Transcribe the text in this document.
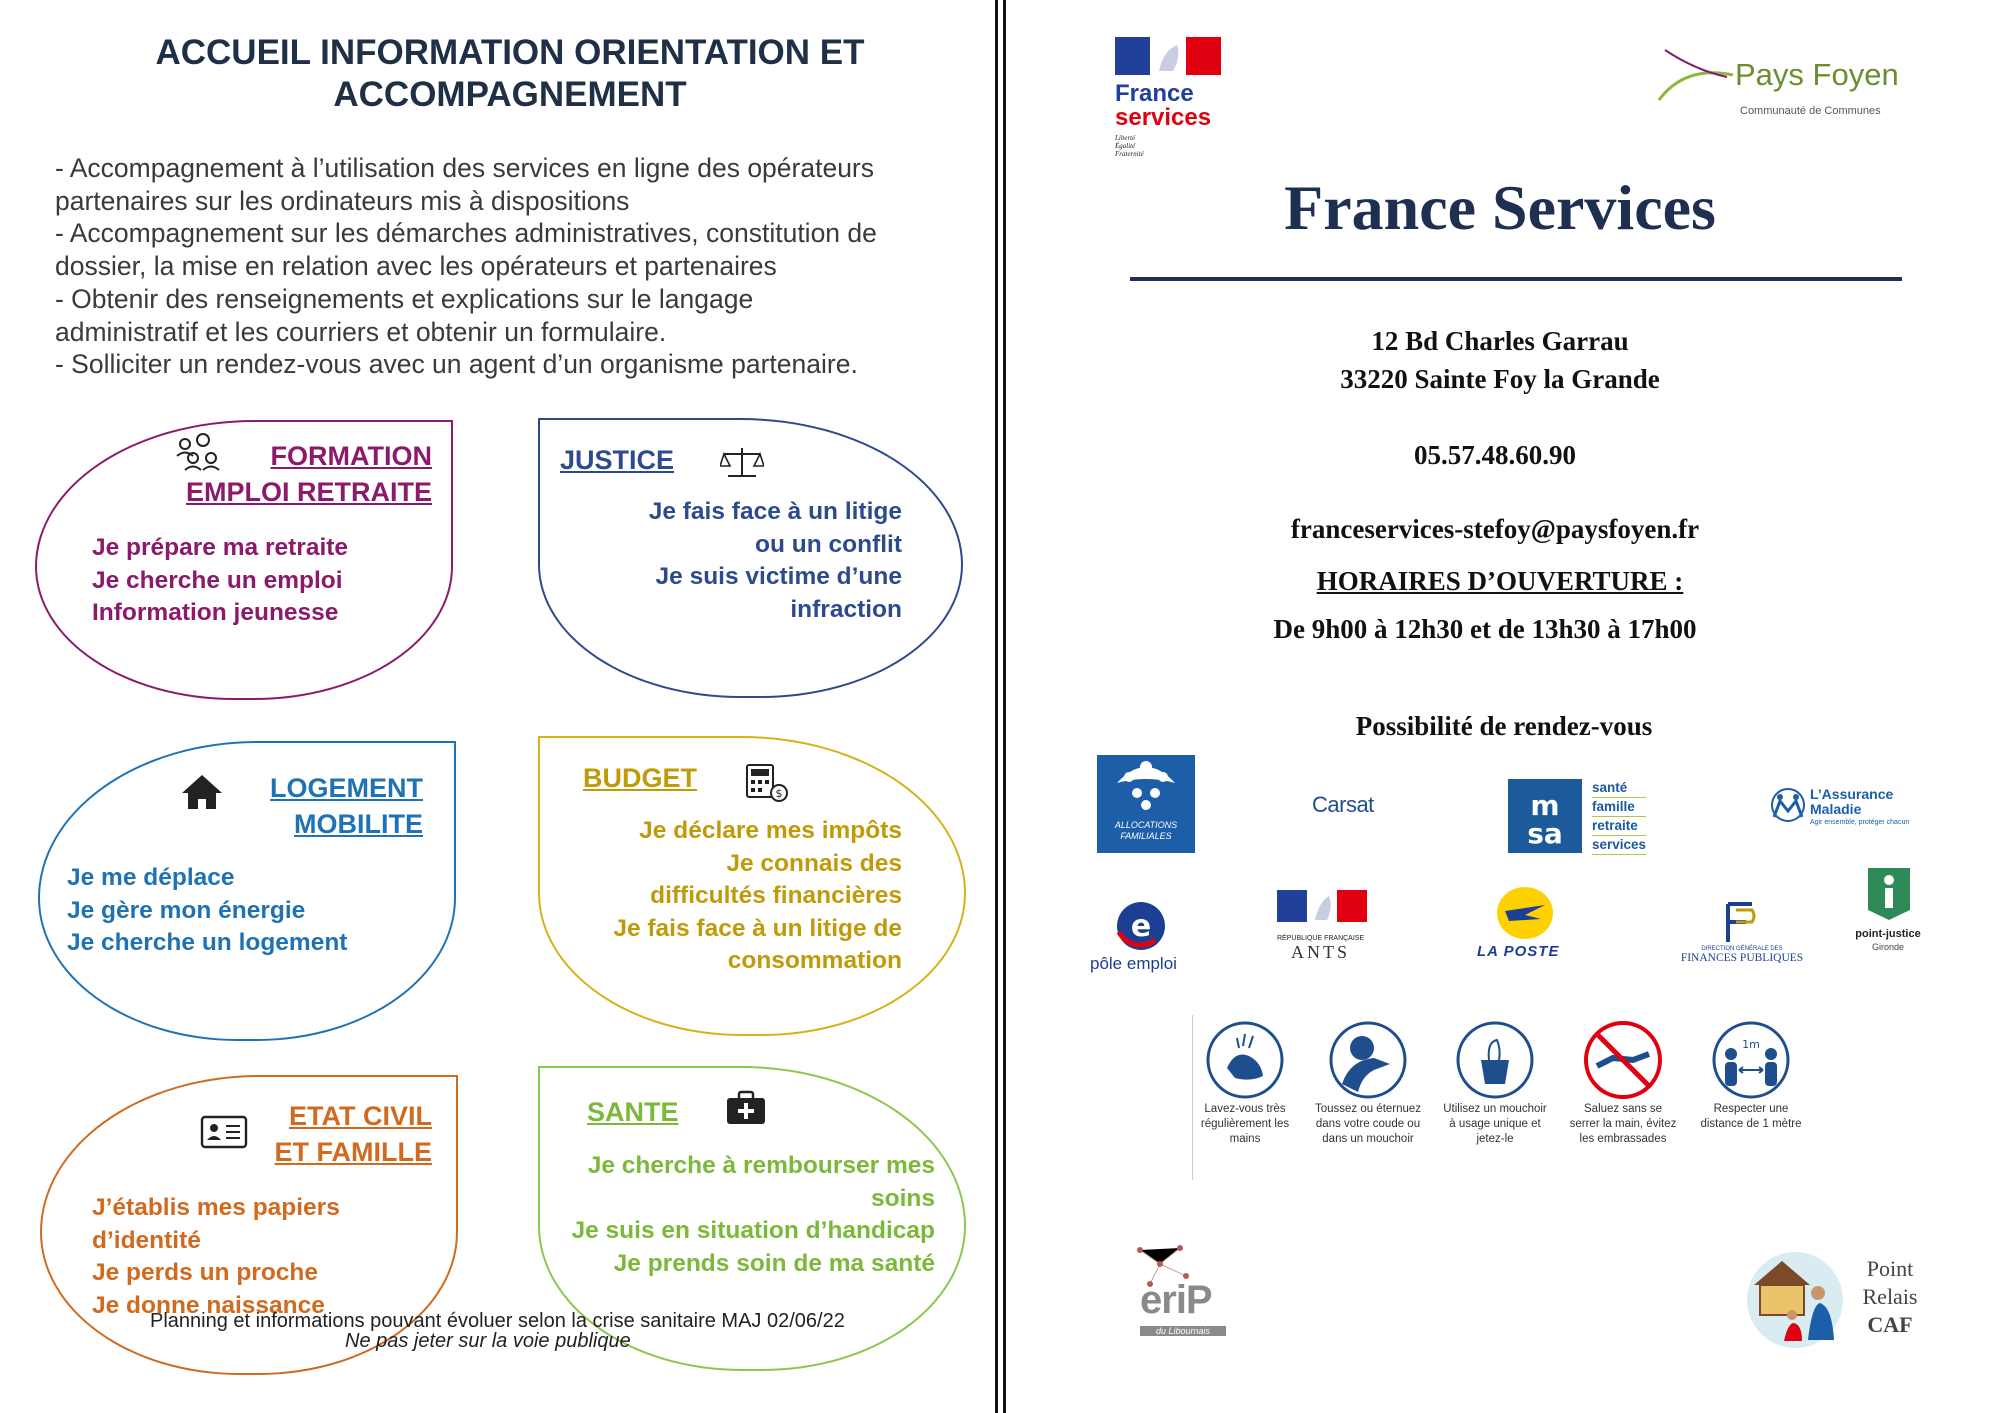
ACCUEIL INFORMATION ORIENTATION ET
ACCOMPAGNEMENT
- Accompagnement à l’utilisation des services en ligne des opérateurs
partenaires sur les ordinateurs mis à dispositions
- Accompagnement sur les démarches administratives, constitution de
dossier, la mise en relation avec les opérateurs et partenaires
- Obtenir des renseignements et explications sur le langage
administratif et les courriers et obtenir un formulaire.
- Solliciter un rendez-vous avec un agent d’un organisme partenaire.
FORMATION
EMPLOI RETRAITE
Je prépare ma retraite
Je cherche un emploi
Information jeunesse
JUSTICE
Je fais face à un litige
ou un conflit
Je suis victime d’une
infraction
LOGEMENT
MOBILITE
Je me déplace
Je gère mon énergie
Je cherche un logement
BUDGET
$
Je déclare mes impôts
Je connais des
difficultés financières
Je fais face à un litige de
consommation
ETAT CIVIL
ET FAMILLE
J’établis mes papiers
d’identité
Je perds un proche
Je donne naissance
SANTE
Je cherche à rembourser mes
soins
Je suis en situation d’handicap
Je prends soin de ma santé
Planning et informations pouvant évoluer selon la crise sanitaire MAJ 02/06/22
Ne pas jeter sur la voie publique
France
services
Liberté
Égalité
Fraternité
Pays Foyen
Communauté de Communes
France Services
12 Bd Charles Garrau
33220 Sainte Foy la Grande
05.57.48.60.90
franceservices-stefoy@paysfoyen.fr
HORAIRES D’OUVERTURE :
De 9h00 à 12h30 et de 13h30 à 17h00
Possibilité de rendez-vous
ALLOCATIONS
FAMILIALES
Carsat	m
sa
santé
famille
retraite
services
L’Assurance
Maladie
Agir ensemble, protéger chacun
e
pôle emploi
RÉPUBLIQUE FRANÇAISE
ANTS	LA POSTE	DIRECTION GÉNÉRALE DES
FINANCES PUBLIQUES
point-justice
Gironde
1m
Lavez-vous très régulièrement les mains
Toussez ou éternuez dans votre coude ou dans un mouchoir
Utilisez un mouchoir à usage unique et jetez-le
Saluez sans se serrer la main, évitez les embrassades
Respecter une distance de 1 mètre
eriP
du Libournais
Point
Relais
CAF
